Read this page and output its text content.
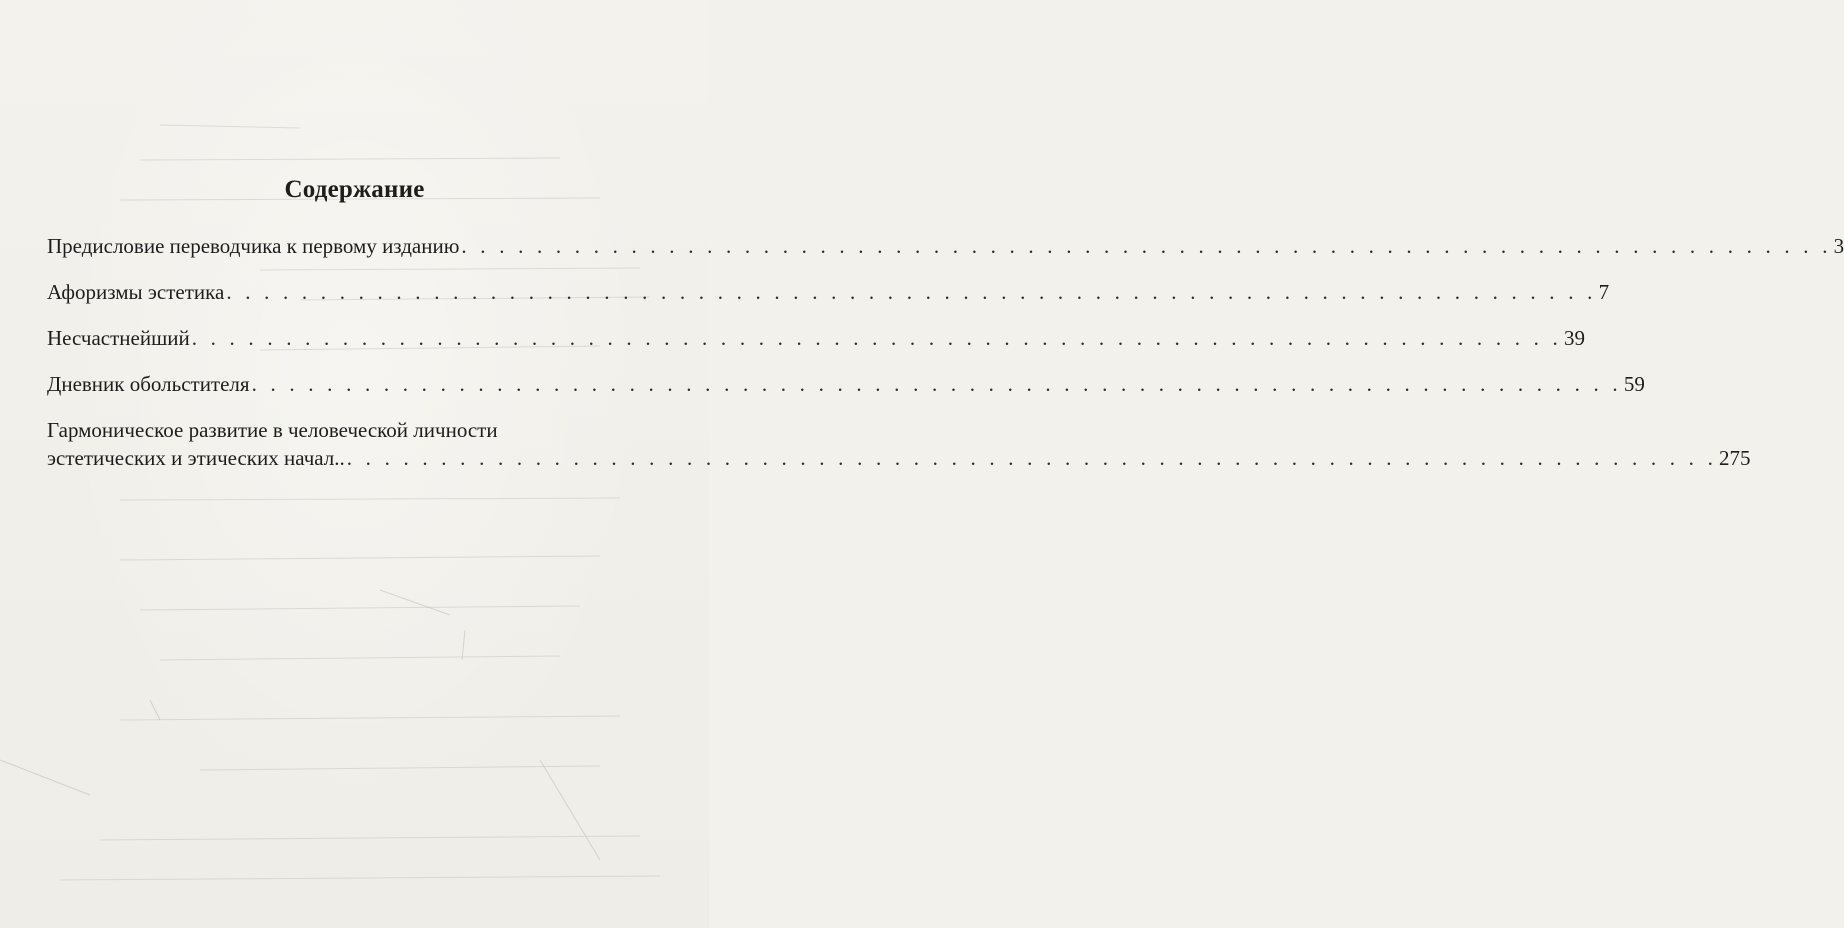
Содержание
Предисловие переводчика к первому изданию . . . . . . . . . . . . . . . . . . . . . . . . . . . . . . . . . . . . . . . . . . . . . . . . . . . . . . . . . . . . . . . . . . . . . . . . . 3
Афоризмы эстетика . . . . . . . . . . . . . . . . . . . . . . . . . . . . . . . . . . . . . . . . . . . . . . . . . . . . . . . . . . . . . . . . . . . . . . . . . 7
Несчастнейший . . . . . . . . . . . . . . . . . . . . . . . . . . . . . . . . . . . . . . . . . . . . . . . . . . . . . . . . . . . . . . . . . . . . . . . . . 39
Дневник обольстителя . . . . . . . . . . . . . . . . . . . . . . . . . . . . . . . . . . . . . . . . . . . . . . . . . . . . . . . . . . . . . . . . . . . . . . . . . 59
Гармоническое развитие в человеческой личности
эстетических и этических начал.. . . . . . . . . . . . . . . . . . . . . . . . . . . . . . . . . . . . . . . . . . . . . . . . . . . . . . . . . . . . . . . . . . . . . . . . . . 275
